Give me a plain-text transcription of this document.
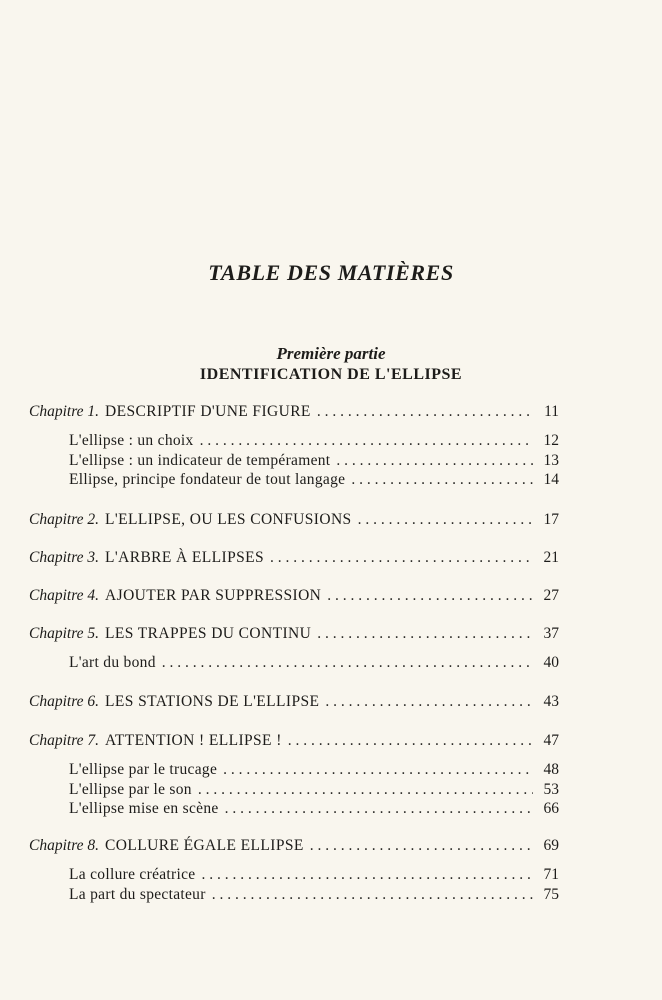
TABLE DES MATIÈRES
Première partie
IDENTIFICATION DE L'ELLIPSE
Chapitre 1. DESCRIPTIF D'UNE FIGURE . . .	11
L'ellipse : un choix . . .	12
L'ellipse : un indicateur de tempérament . . .	13
Ellipse, principe fondateur de tout langage . . .	14
Chapitre 2. L'ELLIPSE, OU LES CONFUSIONS . . .	17
Chapitre 3. L'ARBRE À ELLIPSES . . .	21
Chapitre 4. AJOUTER PAR SUPPRESSION . . .	27
Chapitre 5. LES TRAPPES DU CONTINU . . .	37
L'art du bond . . .	40
Chapitre 6. LES STATIONS DE L'ELLIPSE . . .	43
Chapitre 7. ATTENTION ! ELLIPSE ! . . .	47
L'ellipse par le trucage . . .	48
L'ellipse par le son . . .	53
L'ellipse mise en scène . . .	66
Chapitre 8. COLLURE ÉGALE ELLIPSE . . .	69
La collure créatrice . . .	71
La part du spectateur . . .	75
